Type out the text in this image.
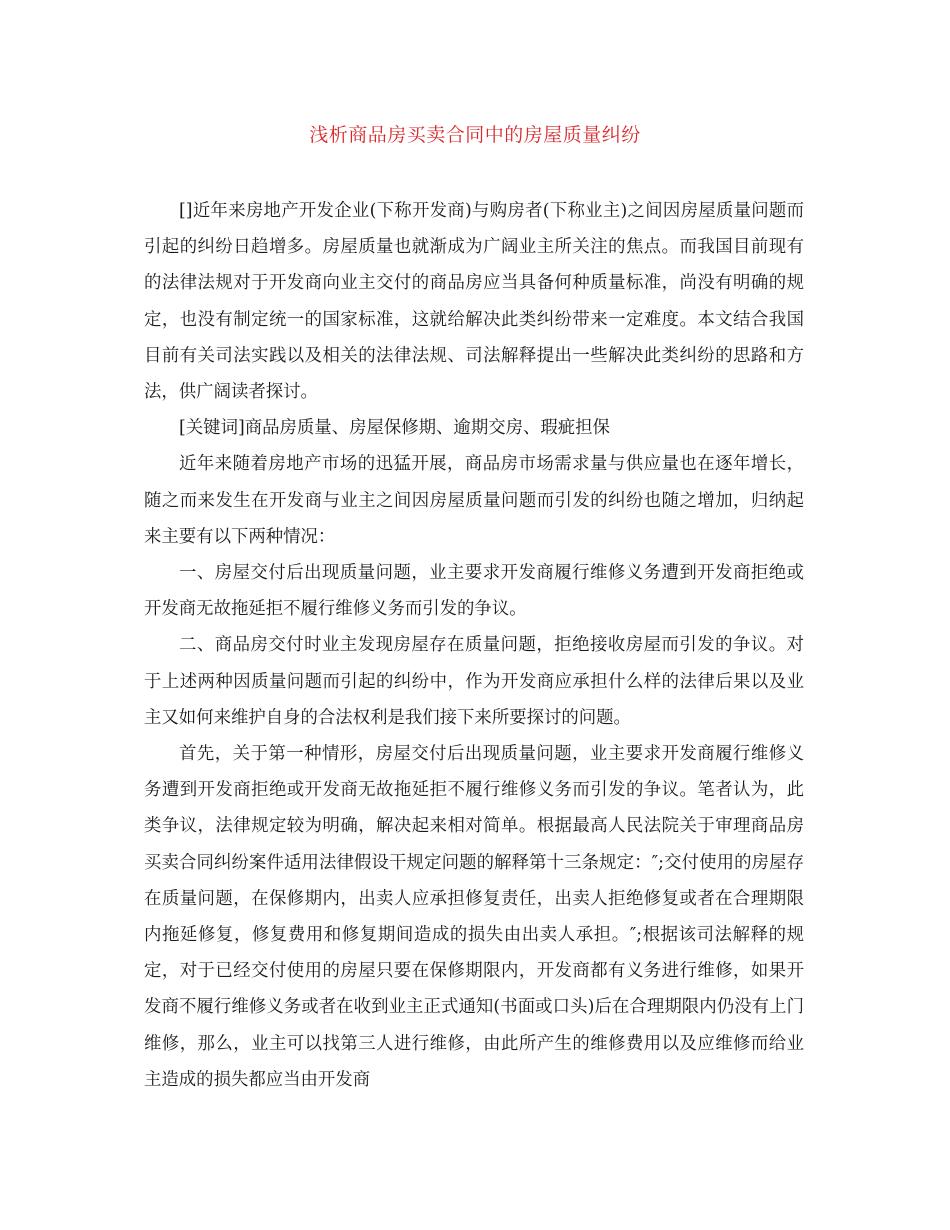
浅析商品房买卖合同中的房屋质量纠纷

[]近年来房地产开发企业(下称开发商)与购房者(下称业主)之间因房屋质量问题而引起的纠纷日趋增多。房屋质量也就渐成为广阔业主所关注的焦点。而我国目前现有的法律法规对于开发商向业主交付的商品房应当具备何种质量标准，尚没有明确的规定，也没有制定统一的国家标准，这就给解决此类纠纷带来一定难度。本文结合我国目前有关司法实践以及相关的法律法规、司法解释提出一些解决此类纠纷的思路和方法，供广阔读者探讨。

[关键词]商品房质量、房屋保修期、逾期交房、瑕疵担保

近年来随着房地产市场的迅猛开展，商品房市场需求量与供应量也在逐年增长，随之而来发生在开发商与业主之间因房屋质量问题而引发的纠纷也随之增加，归纳起来主要有以下两种情况：

一、房屋交付后出现质量问题，业主要求开发商履行维修义务遭到开发商拒绝或开发商无故拖延拒不履行维修义务而引发的争议。

二、商品房交付时业主发现房屋存在质量问题，拒绝接收房屋而引发的争议。对于上述两种因质量问题而引起的纠纷中，作为开发商应承担什么样的法律后果以及业主又如何来维护自身的合法权利是我们接下来所要探讨的问题。

首先，关于第一种情形，房屋交付后出现质量问题，业主要求开发商履行维修义务遭到开发商拒绝或开发商无故拖延拒不履行维修义务而引发的争议。笔者认为，此类争议，法律规定较为明确，解决起来相对简单。根据最高人民法院关于审理商品房买卖合同纠纷案件适用法律假设干规定问题的解释第十三条规定：″;交付使用的房屋存在质量问题，在保修期内，出卖人应承担修复责任，出卖人拒绝修复或者在合理期限内拖延修复，修复费用和修复期间造成的损失由出卖人承担。″;根据该司法解释的规定，对于已经交付使用的房屋只要在保修期限内，开发商都有义务进行维修，如果开发商不履行维修义务或者在收到业主正式通知(书面或口头)后在合理期限内仍没有上门维修，那么，业主可以找第三人进行维修，由此所产生的维修费用以及应维修而给业主造成的损失都应当由开发商
